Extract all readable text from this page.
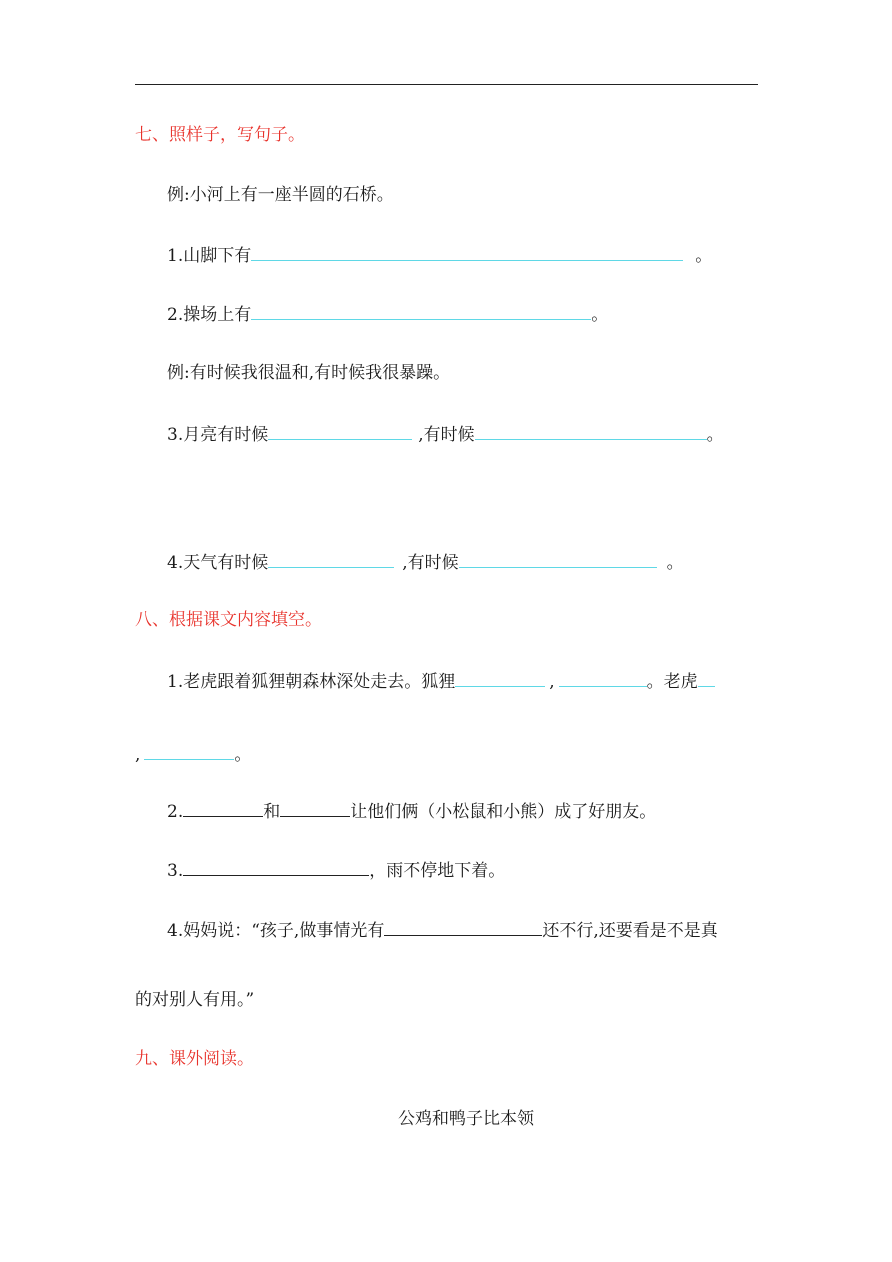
七、照样子，写句子。
例:小河上有一座半圆的石桥。
1.山脚下有	。
2.操场上有	。
例:有时候我很温和,有时候我很暴躁。
3.月亮有时候	,有时候	。
4.天气有时候	,有时候	。
八、根据课文内容填空。
1.老虎跟着狐狸朝森林深处走去。狐狸	,	。老虎
,	。
2.	和	让他们俩（小松鼠和小熊）成了好朋友。
3.	，雨不停地下着。
4.妈妈说：“孩子,做事情光有	还不行,还要看是不是真
的对别人有用。”
九、课外阅读。
公鸡和鸭子比本领
